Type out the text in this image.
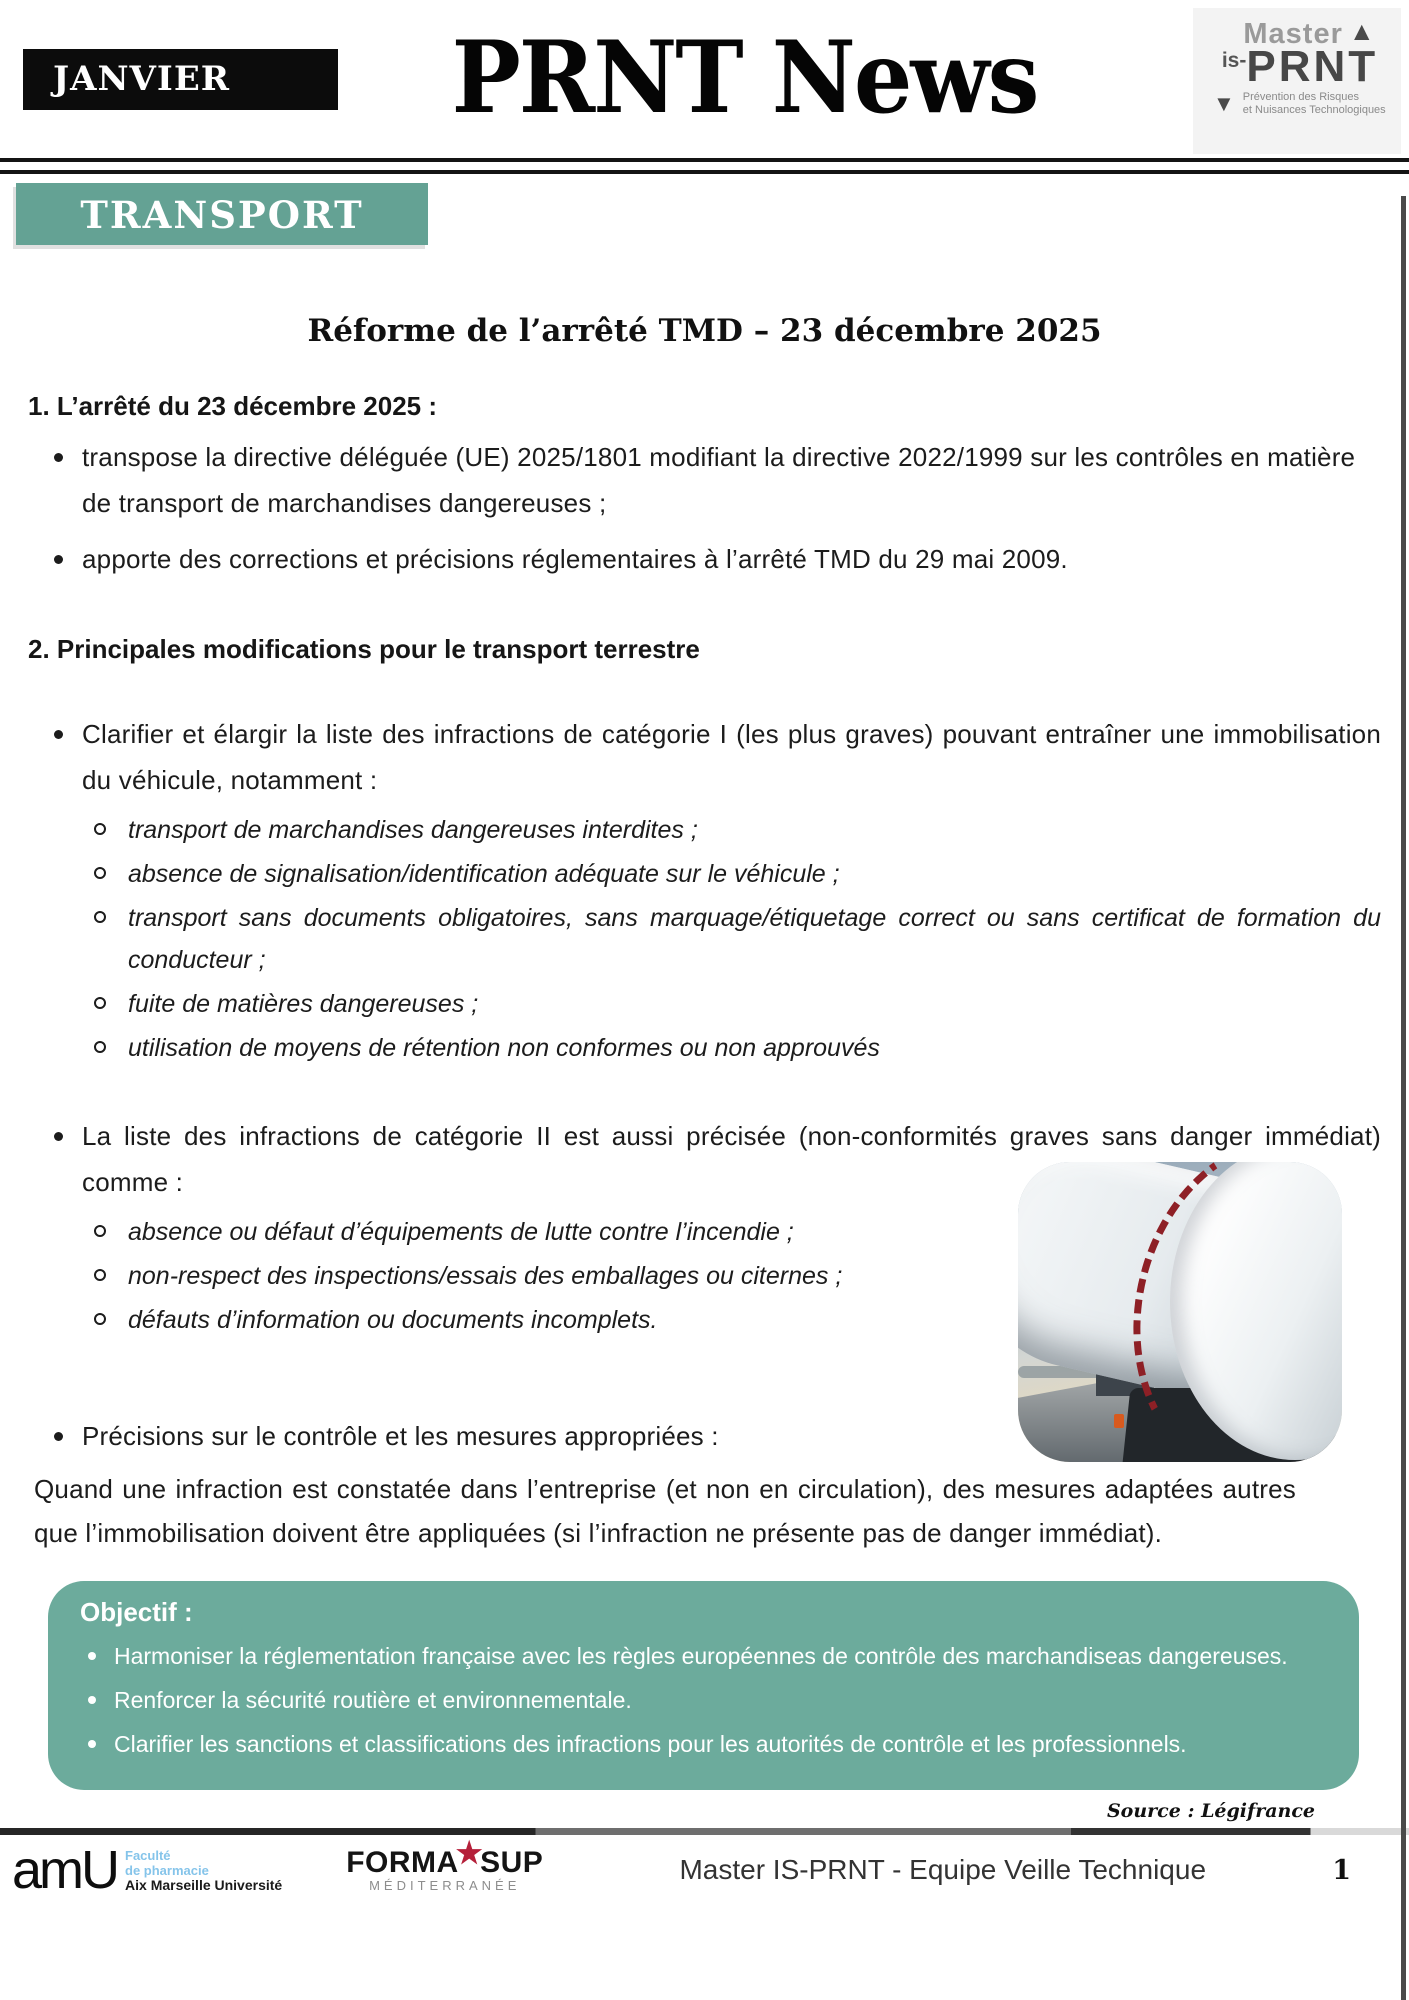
JANVIER 2026
PRNT News	Master ▲
is- PRNT
▼ Prévention des Risques
et Nuisances Technologiques
TRANSPORT
Réforme de l’arrêté TMD – 23 décembre 2025

1. L’arrêté du 23 décembre 2025 :

transpose la directive déléguée (UE) 2025/1801 modifiant la directive 2022/1999 sur les contrôles en matière de transport de marchandises dangereuses ;
apporte des corrections et précisions réglementaires à l’arrêté TMD du 29 mai 2009.

2. Principales modifications pour le transport terrestre

Clarifier et élargir la liste des infractions de catégorie I (les plus graves) pouvant entraîner une immobilisation du véhicule, notamment :
transport de marchandises dangereuses interdites ;
absence de signalisation/identification adéquate sur le véhicule ;
transport sans documents obligatoires, sans marquage/étiquetage correct ou sans certificat de formation du conducteur ;
fuite de matières dangereuses ;
utilisation de moyens de rétention non conformes ou non approuvés
La liste des infractions de catégorie II est aussi précisée (non-conformités graves sans danger immédiat) comme :
absence ou défaut d’équipements de lutte contre l’incendie ;
non-respect des inspections/essais des emballages ou citernes ;
défauts d’information ou documents incomplets.
Précisions sur le contrôle et les mesures appropriées :

Quand une infraction est constatée dans l’entreprise (et non en circulation), des mesures adaptées autres que l’immobilisation doivent être appliquées (si l’infraction ne présente pas de danger immédiat).

Objectif :
Harmoniser la réglementation française avec les règles européennes de contrôle des marchandiseas dangereuses.
Renforcer la sécurité routière et environnementale.
Clarifier les sanctions et classifications des infractions pour les autorités de contrôle et les professionnels.
Source : Légifrance
amU Faculté
de pharmacie
Aix Marseille Université
FORMA★SUP
MÉDITERRANÉE	Master IS-PRNT - Equipe Veille Technique	1
